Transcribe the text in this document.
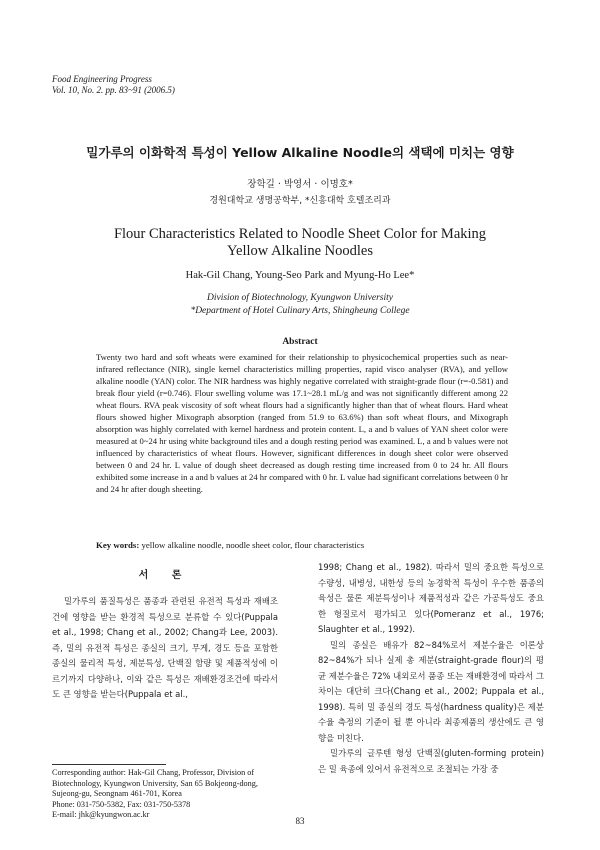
Food Engineering Progress
Vol. 10, No. 2. pp. 83~91 (2006.5)
밀가루의 이화학적 특성이 Yellow Alkaline Noodle의 색택에 미치는 영향
장학길 · 박영서 · 이명호*
경원대학교 생명공학부, *신흥대학 호텔조리과
Flour Characteristics Related to Noodle Sheet Color for Making
Yellow Alkaline Noodles
Hak-Gil Chang, Young-Seo Park and Myung-Ho Lee*
Division of Biotechnology, Kyungwon University
*Department of Hotel Culinary Arts, Shingheung College
Abstract
Twenty two hard and soft wheats were examined for their relationship to physicochemical properties such as near-infrared reflectance (NIR), single kernel characteristics milling properties, rapid visco analyser (RVA), and yellow alkaline noodle (YAN) color. The NIR hardness was highly negative correlated with straight-grade flour (r=-0.581) and break flour yield (r=0.746). Flour swelling volume was 17.1~28.1 mL/g and was not significantly different among 22 wheat flours. RVA peak viscosity of soft wheat flours had a significantly higher than that of wheat flours. Hard wheat flours showed higher Mixograph absorption (ranged from 51.9 to 63.6%) than soft wheat flours, and Mixograph absorption was highly correlated with kernel hardness and protein content. L, a and b values of YAN sheet color were measured at 0~24 hr using white background tiles and a dough resting period was examined. L, a and b values were not influenced by characteristics of wheat flours. However, significant differences in dough sheet color were observed between 0 and 24 hr. L value of dough sheet decreased as dough resting time increased from 0 to 24 hr. All flours exhibited some increase in a and b values at 24 hr compared with 0 hr. L value had significant correlations between 0 hr and 24 hr after dough sheeting.
Key words: yellow alkaline noodle, noodle sheet color, flour characteristics
서 론

밀가루의 품질특성은 품종과 관련된 유전적 특성과 재배조건에 영향을 받는 환경적 특성으로 분류할 수 있다(Puppala et al., 1998; Chang et al., 2002; Chang과 Lee, 2003). 즉, 밀의 유전적 특성은 종실의 크기, 무게, 경도 등을 포함한 종실의 물리적 특성, 제분특성, 단백질 함량 및 제품적성에 이르기까지 다양하나, 이와 같은 특성은 재배환경조건에 따라서도 큰 영향을 받는다(Puppala et al.,

1998; Chang et al., 1982). 따라서 밀의 중요한 특성으로 수량성, 내병성, 내한성 등의 농경학적 특성이 우수한 품종의 육성은 물론 제분특성이나 제품적성과 같은 가공특성도 중요한 형질로서 평가되고 있다(Pomeranz et al., 1976; Slaughter et al., 1992).

밀의 종실은 배유가 82~84%로서 제분수율은 이론상 82~84%가 되나 실제 총 제분(straight-grade flour)의 평균 제분수율은 72% 내외로서 품종 또는 재배환경에 따라서 그 차이는 대단히 크다(Chang et al., 2002; Puppala et al., 1998). 특히 밀 종실의 경도 특성(hardness quality)은 제분수율 측정의 기준이 될 뿐 아니라 최종제품의 생산에도 큰 영향을 미친다.

밀가루의 글루텐 형성 단백질(gluten-forming protein)은 밀 육종에 있어서 유전적으로 조절되는 가장 중

Corresponding author: Hak-Gil Chang, Professor, Division of
Biotechnology, Kyungwon University, San 65 Bokjeong-dong,
Sujeong-gu, Seongnam 461-701, Korea
Phone: 031-750-5382, Fax: 031-750-5378
E-mail: jhk@kyungwon.ac.kr
83
